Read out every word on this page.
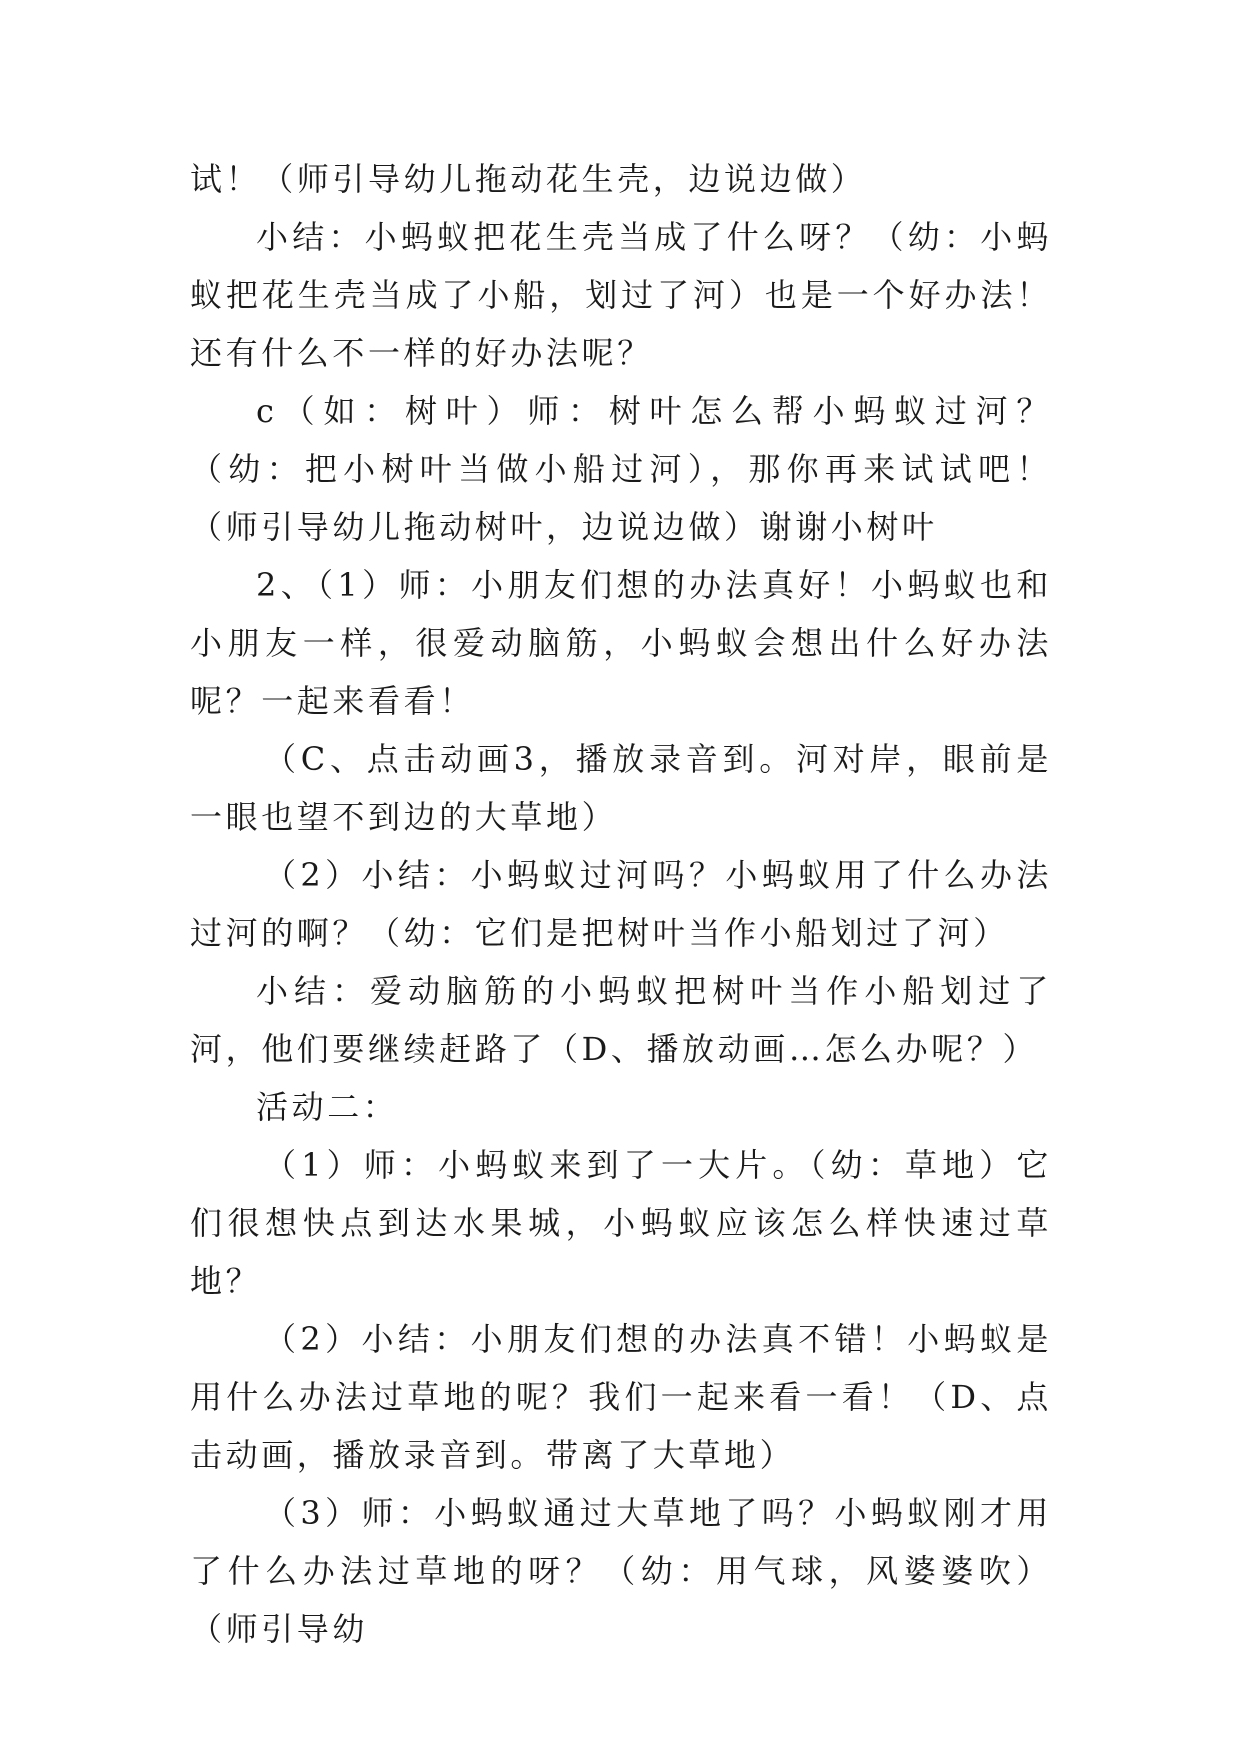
试！（师引导幼儿拖动花生壳，边说边做）

小结：小蚂蚁把花生壳当成了什么呀？（幼：小蚂蚁把花生壳当成了小船，划过了河）也是一个好办法！还有什么不一样的好办法呢？

c（如：树叶）师：树叶怎么帮小蚂蚁过河？（幼：把小树叶当做小船过河），那你再来试试吧！（师引导幼儿拖动树叶，边说边做）谢谢小树叶

2、（1）师：小朋友们想的办法真好！小蚂蚁也和小朋友一样，很爱动脑筋，小蚂蚁会想出什么好办法呢？一起来看看！

（C、点击动画3，播放录音到。河对岸，眼前是一眼也望不到边的大草地）

（2）小结：小蚂蚁过河吗？小蚂蚁用了什么办法过河的啊？（幼：它们是把树叶当作小船划过了河）

小结：爱动脑筋的小蚂蚁把树叶当作小船划过了河，他们要继续赶路了（D、播放动画…怎么办呢？）

活动二：

（1）师：小蚂蚁来到了一大片。（幼：草地）它们很想快点到达水果城，小蚂蚁应该怎么样快速过草地？

（2）小结：小朋友们想的办法真不错！小蚂蚁是用什么办法过草地的呢？我们一起来看一看！（D、点击动画，播放录音到。带离了大草地）

（3）师：小蚂蚁通过大草地了吗？小蚂蚁刚才用了什么办法过草地的呀？（幼：用气球，风婆婆吹）（师引导幼
